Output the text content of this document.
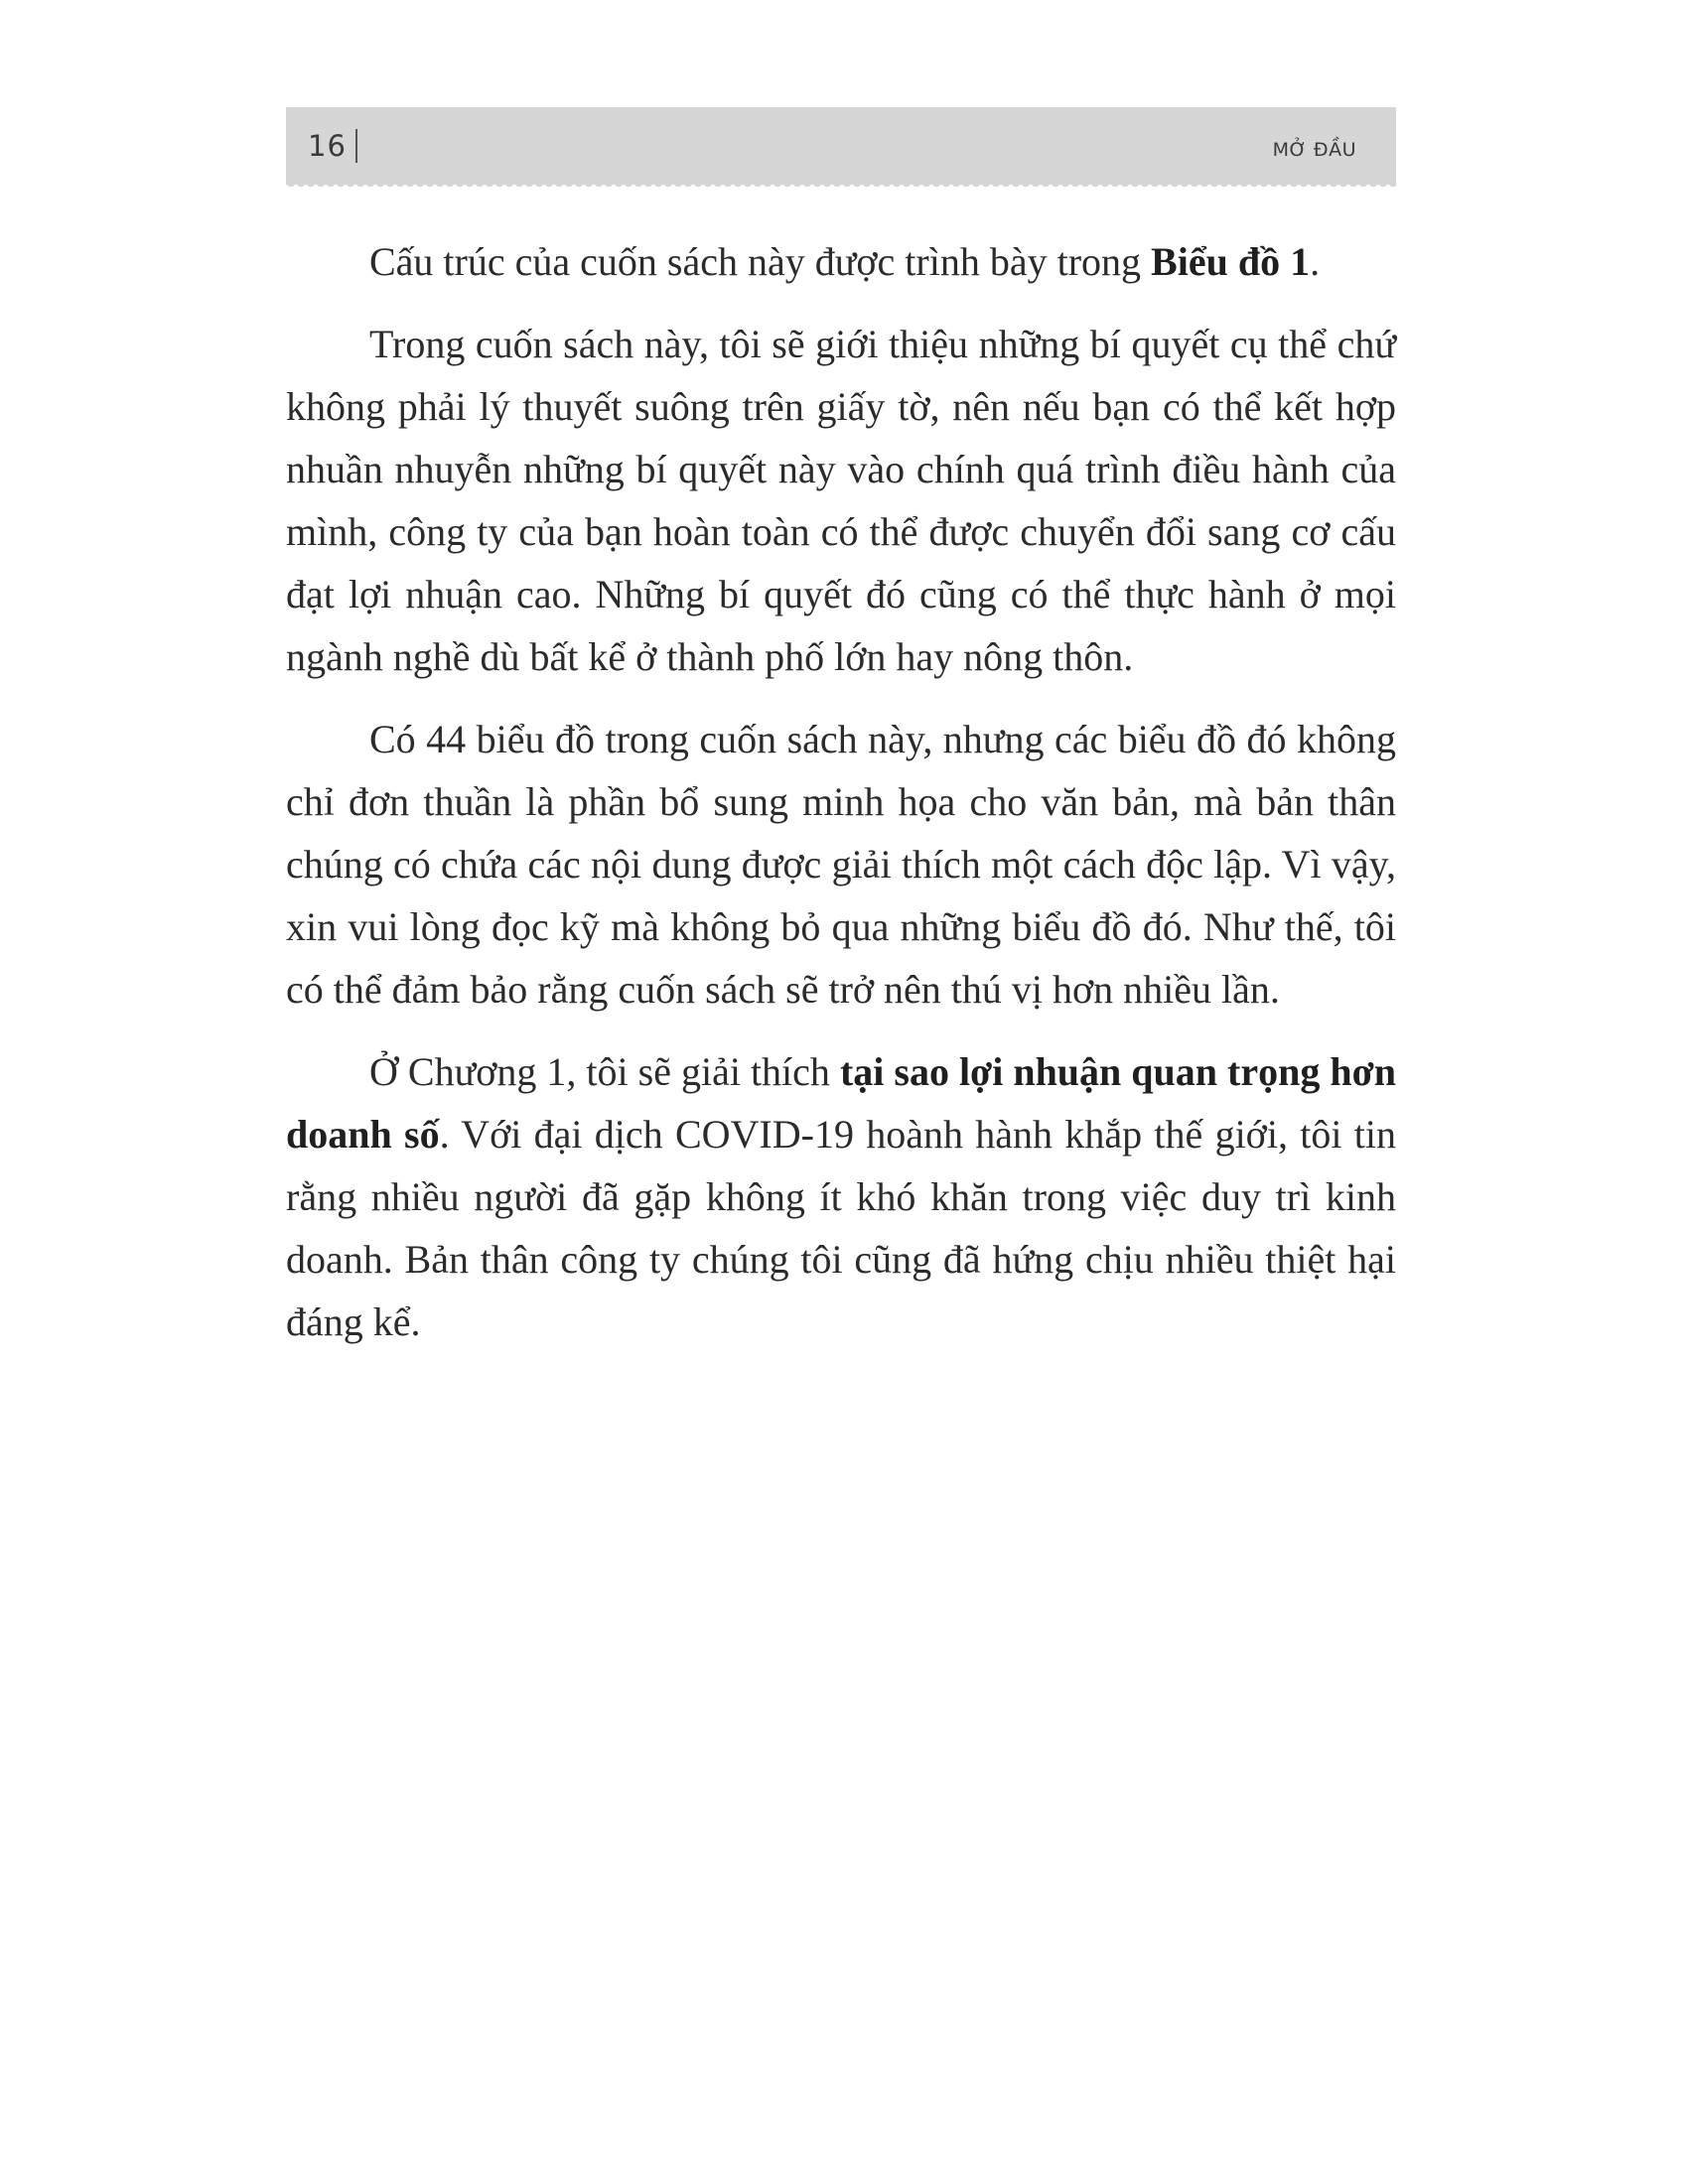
16	MỞ ĐẦU

Cấu trúc của cuốn sách này được trình bày trong Biểu đồ 1.

Trong cuốn sách này, tôi sẽ giới thiệu những bí quyết cụ thể chứ không phải lý thuyết suông trên giấy tờ, nên nếu bạn có thể kết hợp nhuần nhuyễn những bí quyết này vào chính quá trình điều hành của mình, công ty của bạn hoàn toàn có thể được chuyển đổi sang cơ cấu đạt lợi nhuận cao. Những bí quyết đó cũng có thể thực hành ở mọi ngành nghề dù bất kể ở thành phố lớn hay nông thôn.

Có 44 biểu đồ trong cuốn sách này, nhưng các biểu đồ đó không chỉ đơn thuần là phần bổ sung minh họa cho văn bản, mà bản thân chúng có chứa các nội dung được giải thích một cách độc lập. Vì vậy, xin vui lòng đọc kỹ mà không bỏ qua những biểu đồ đó. Như thế, tôi có thể đảm bảo rằng cuốn sách sẽ trở nên thú vị hơn nhiều lần.

Ở Chương 1, tôi sẽ giải thích tại sao lợi nhuận quan trọng hơn doanh số. Với đại dịch COVID-19 hoành hành khắp thế giới, tôi tin rằng nhiều người đã gặp không ít khó khăn trong việc duy trì kinh doanh. Bản thân công ty chúng tôi cũng đã hứng chịu nhiều thiệt hại đáng kể.
